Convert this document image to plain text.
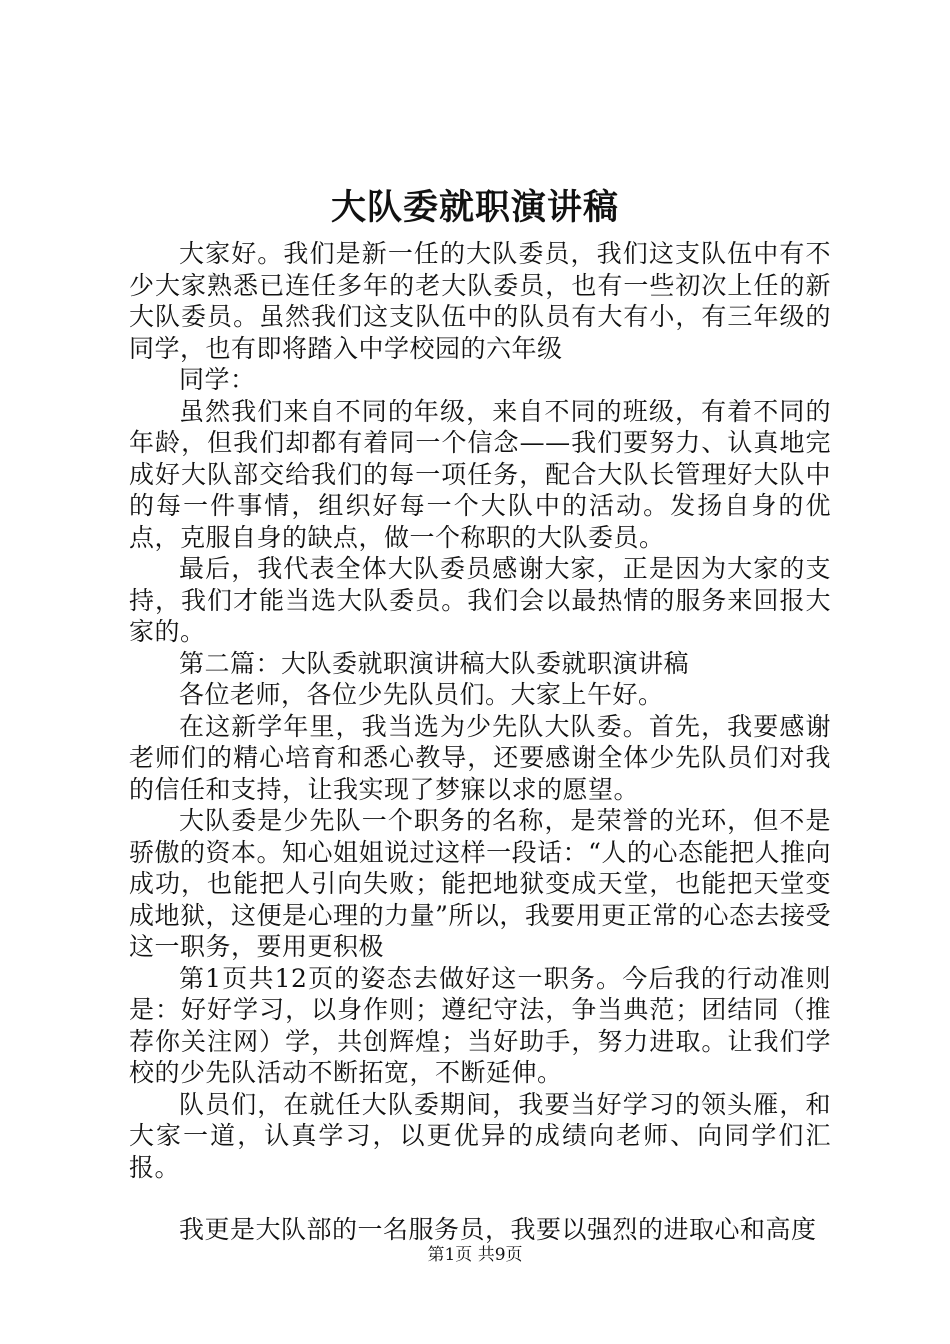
大队委就职演讲稿

大家好。我们是新一任的大队委员，我们这支队伍中有不少大家熟悉已连任多年的老大队委员，也有一些初次上任的新大队委员。虽然我们这支队伍中的队员有大有小，有三年级的同学，也有即将踏入中学校园的六年级

同学：

虽然我们来自不同的年级，来自不同的班级，有着不同的年龄，但我们却都有着同一个信念——我们要努力、认真地完成好大队部交给我们的每一项任务，配合大队长管理好大队中的每一件事情，组织好每一个大队中的活动。发扬自身的优点，克服自身的缺点，做一个称职的大队委员。

最后，我代表全体大队委员感谢大家，正是因为大家的支持，我们才能当选大队委员。我们会以最热情的服务来回报大家的。

第二篇：大队委就职演讲稿大队委就职演讲稿

各位老师，各位少先队员们。大家上午好。

在这新学年里，我当选为少先队大队委。首先，我要感谢老师们的精心培育和悉心教导，还要感谢全体少先队员们对我的信任和支持，让我实现了梦寐以求的愿望。

大队委是少先队一个职务的名称，是荣誉的光环，但不是骄傲的资本。知心姐姐说过这样一段话：“人的心态能把人推向成功，也能把人引向失败；能把地狱变成天堂，也能把天堂变成地狱，这便是心理的力量”所以，我要用更正常的心态去接受这一职务，要用更积极

第1页共12页的姿态去做好这一职务。今后我的行动准则是：好好学习，以身作则；遵纪守法，争当典范；团结同（推荐你关注网）学，共创辉煌；当好助手，努力进取。让我们学校的少先队活动不断拓宽，不断延伸。

队员们，在就任大队委期间，我要当好学习的领头雁，和大家一道，认真学习，以更优异的成绩向老师、向同学们汇报。

我更是大队部的一名服务员，我要以强烈的进取心和高度

第1页 共9页
